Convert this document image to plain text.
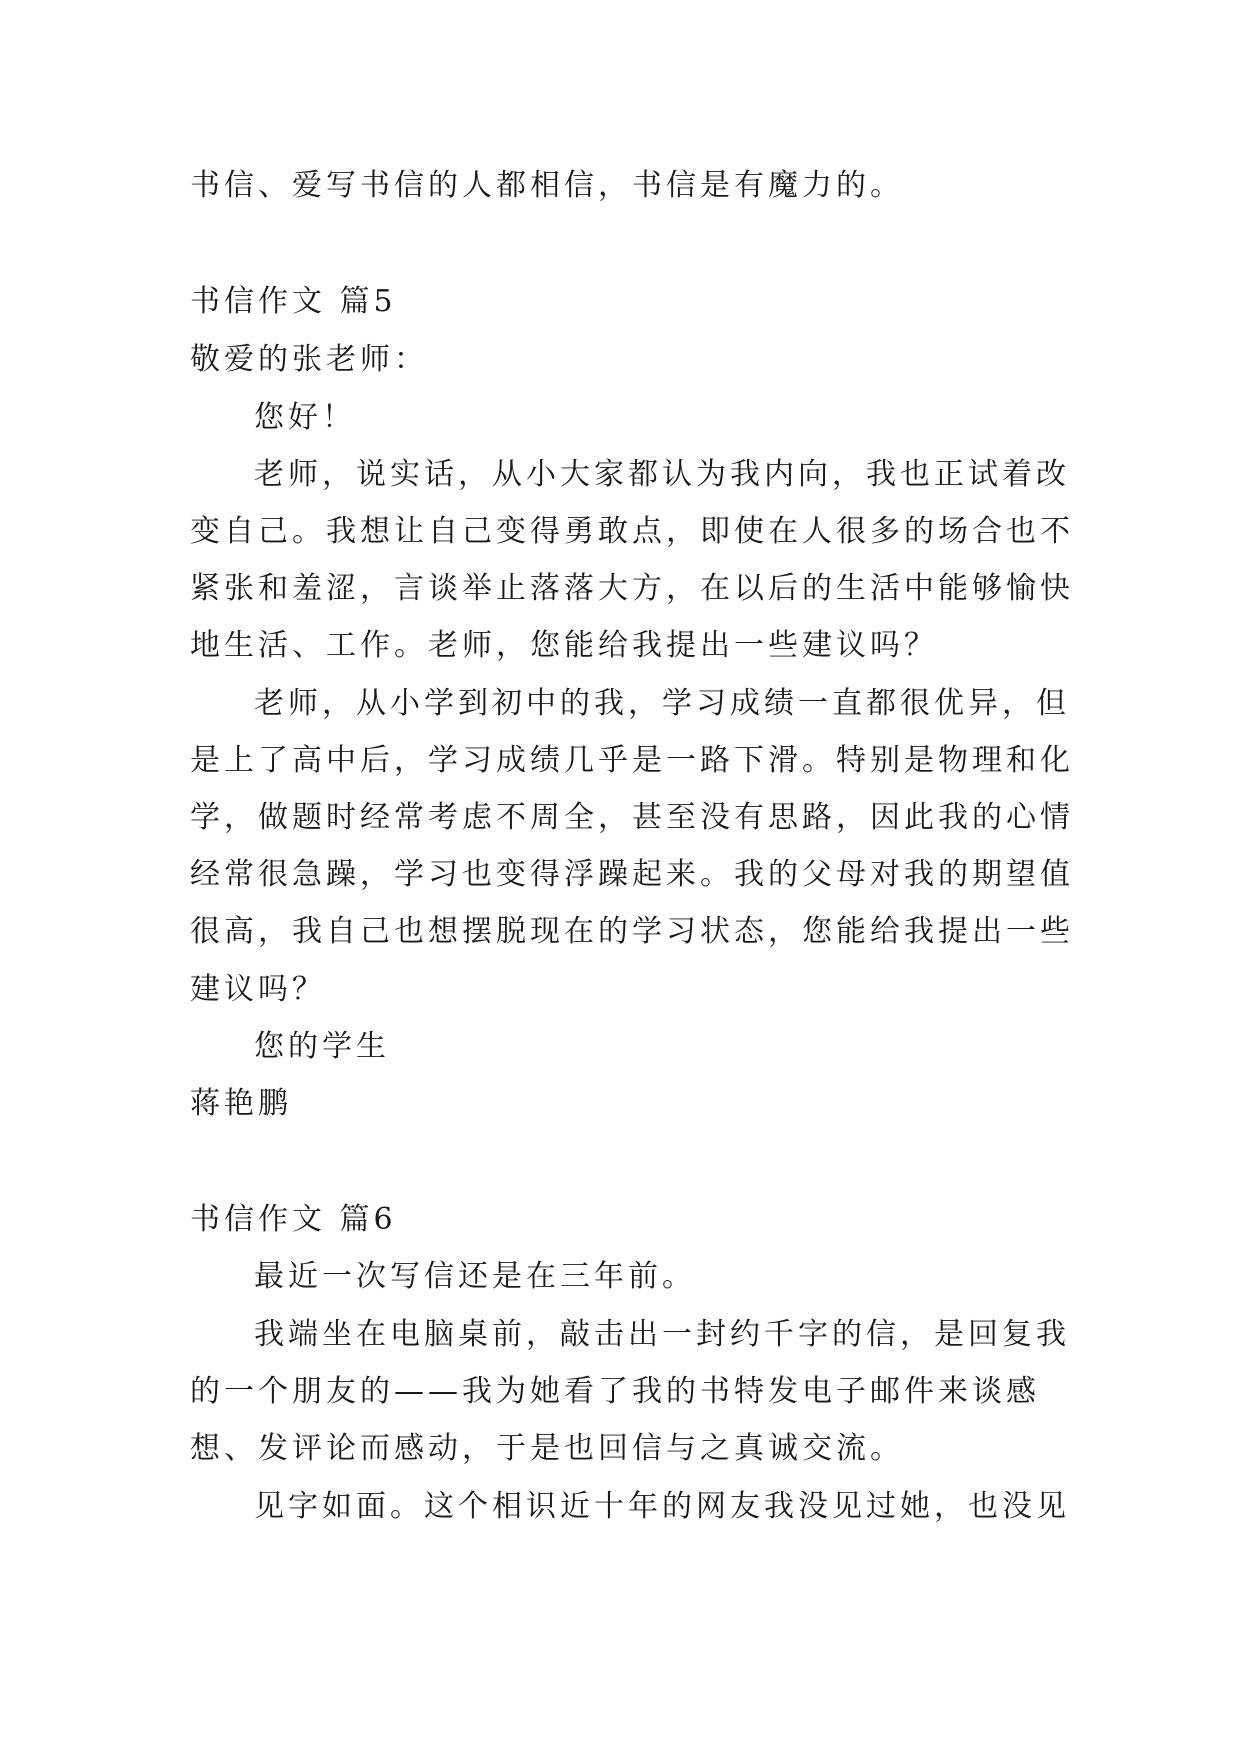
书信、爱写书信的人都相信，书信是有魔力的。
书信作文 篇5
敬爱的张老师：
您好！
老师，说实话，从小大家都认为我内向，我也正试着改
变自己。我想让自己变得勇敢点，即使在人很多的场合也不
紧张和羞涩，言谈举止落落大方，在以后的生活中能够愉快
地生活、工作。老师，您能给我提出一些建议吗？
老师，从小学到初中的我，学习成绩一直都很优异，但
是上了高中后，学习成绩几乎是一路下滑。特别是物理和化
学，做题时经常考虑不周全，甚至没有思路，因此我的心情
经常很急躁，学习也变得浮躁起来。我的父母对我的期望值
很高，我自己也想摆脱现在的学习状态，您能给我提出一些
建议吗？
您的学生
蒋艳鹏
书信作文 篇6
最近一次写信还是在三年前。
我端坐在电脑桌前，敲击出一封约千字的信，是回复我
的一个朋友的——我为她看了我的书特发电子邮件来谈感
想、发评论而感动，于是也回信与之真诚交流。
见字如面。这个相识近十年的网友我没见过她，也没见
